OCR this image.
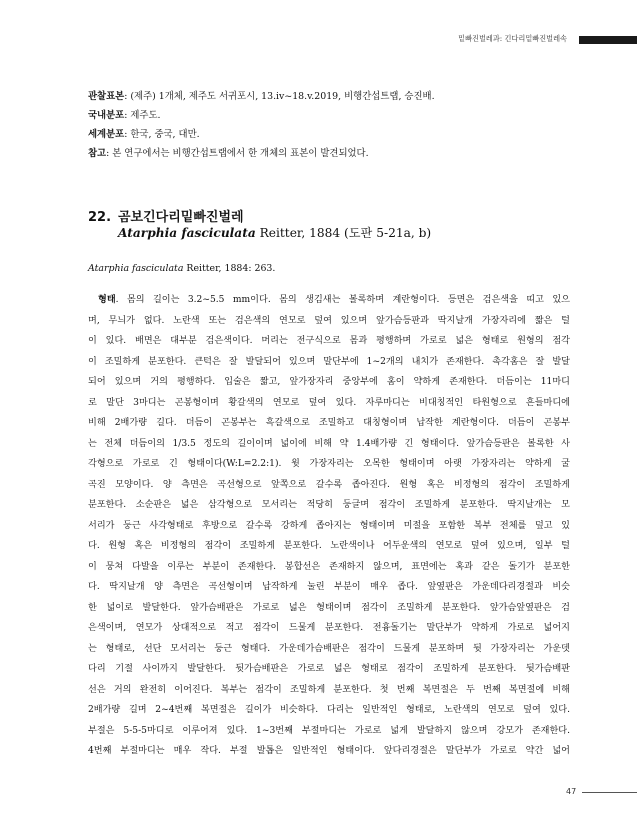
밑빠진벌레과: 긴다리밑빠진벌레속
관찰표본: (제주) 1개체, 제주도 서귀포시, 13.iv~18.v.2019, 비행간섭트랩, 승진배.
국내분포: 제주도.
세계분포: 한국, 중국, 대만.
참고: 본 연구에서는 비행간섭트랩에서 한 개체의 표본이 발견되었다.
22. 곰보긴다리밑빠진벌레
Atarphia fasciculata Reitter, 1884 (도판 5-21a, b)
Atarphia fasciculata Reitter, 1884: 263.
형태. 몸의 길이는 3.2~5.5 mm이다. 몸의 생김새는 볼록하며 계란형이다. 등면은 검은색을 띠고 있으
며, 무늬가 없다. 노란색 또는 검은색의 연모로 덮여 있으며 앞가슴등판과 딱지날개 가장자리에 짧은 털
이 있다. 배면은 대부분 검은색이다. 머리는 전구식으로 몸과 평행하며 가로로 넓은 형태로 원형의 점각
이 조밀하게 분포한다. 큰턱은 잘 발달되어 있으며 말단부에 1~2개의 내치가 존재한다. 촉각홈은 잘 발달
되어 있으며 거의 평행하다. 입술은 짧고, 앞가장자리 중앙부에 홈이 약하게 존재한다. 더듬이는 11마디
로 말단 3마디는 곤봉형이며 황갈색의 연모로 덮여 있다. 자루마디는 비대칭적인 타원형으로 흔들마디에
비해 2배가량 길다. 더듬이 곤봉부는 흑갈색으로 조밀하고 대칭형이며 납작한 계란형이다. 더듬이 곤봉부
는 전체 더듬이의 1/3.5 정도의 길이이며 넓이에 비해 약 1.4배가량 긴 형태이다. 앞가슴등판은 볼록한 사
각형으로 가로로 긴 형태이다(W:L=2.2:1). 윗 가장자리는 오목한 형태이며 아랫 가장자리는 약하게 굴
곡진 모양이다. 양 측면은 곡선형으로 앞쪽으로 갈수록 좁아진다. 원형 혹은 비정형의 점각이 조밀하게
분포한다. 소순판은 넓은 삼각형으로 모서리는 적당히 둥글며 점각이 조밀하게 분포한다. 딱지날개는 모
서리가 둥근 사각형태로 후방으로 갈수록 강하게 좁아지는 형태이며 미절을 포함한 복부 전체를 덮고 있
다. 원형 혹은 비정형의 점각이 조밀하게 분포한다. 노란색이나 어두운색의 연모로 덮여 있으며, 일부 털
이 뭉쳐 다발을 이루는 부분이 존재한다. 봉합선은 존재하지 않으며, 표면에는 혹과 같은 돌기가 분포한
다. 딱지날개 양 측면은 곡선형이며 납작하게 눌린 부분이 매우 좁다. 앞옆판은 가운데다리경절과 비슷
한 넓이로 발달한다. 앞가슴배판은 가로로 넓은 형태이며 점각이 조밀하게 분포한다. 앞가슴앞옆판은 검
은색이며, 연모가 상대적으로 적고 점각이 드물게 분포한다. 전흉돌기는 말단부가 약하게 가로로 넓어지
는 형태로, 선단 모서리는 둥근 형태다. 가운데가슴배판은 점각이 드물게 분포하며 뒷 가장자리는 가운뎃
다리 기절 사이까지 발달한다. 뒷가슴배판은 가로로 넓은 형태로 점각이 조밀하게 분포한다. 뒷가슴배판
선은 거의 완전히 이어진다. 복부는 점각이 조밀하게 분포한다. 첫 번째 복면절은 두 번째 복면절에 비해
2배가량 길며 2~4번째 복면절은 길이가 비슷하다. 다리는 일반적인 형태로, 노란색의 연모로 덮여 있다.
부절은 5-5-5마디로 이루어져 있다. 1~3번째 부절마디는 가로로 넓게 발달하지 않으며 강모가 존재한다.
4번째 부절마디는 매우 작다. 부절 발톱은 일반적인 형태이다. 앞다리경절은 말단부가 가로로 약간 넓어
47
